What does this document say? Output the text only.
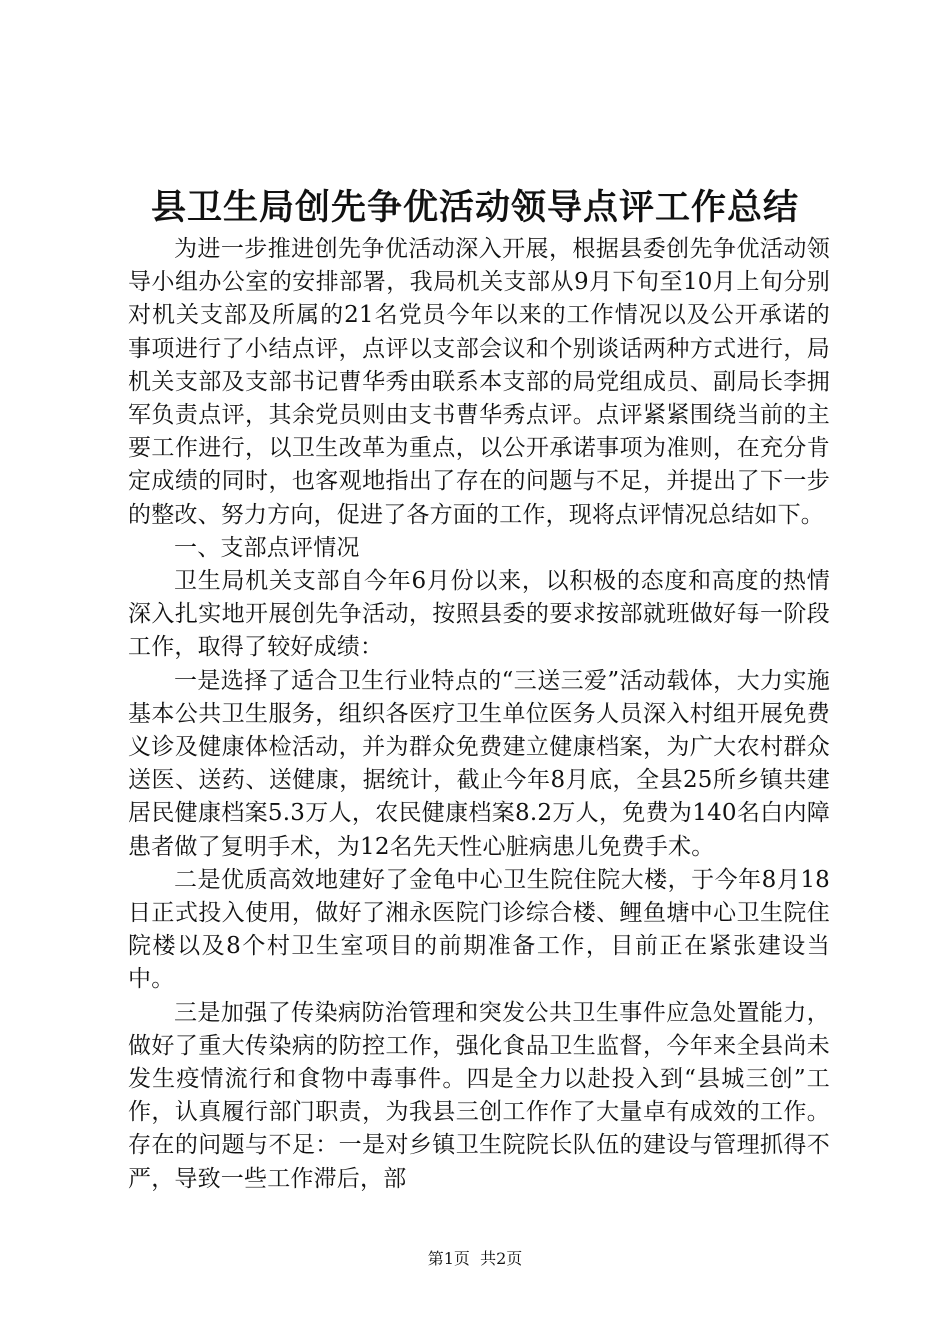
县卫生局创先争优活动领导点评工作总结

为进一步推进创先争优活动深入开展，根据县委创先争优活动领导小组办公室的安排部署，我局机关支部从9月下旬至10月上旬分别对机关支部及所属的21名党员今年以来的工作情况以及公开承诺的事项进行了小结点评，点评以支部会议和个别谈话两种方式进行，局机关支部及支部书记曹华秀由联系本支部的局党组成员、副局长李拥军负责点评，其余党员则由支书曹华秀点评。点评紧紧围绕当前的主要工作进行，以卫生改革为重点，以公开承诺事项为准则，在充分肯定成绩的同时，也客观地指出了存在的问题与不足，并提出了下一步的整改、努力方向，促进了各方面的工作，现将点评情况总结如下。

一、支部点评情况

卫生局机关支部自今年6月份以来，以积极的态度和高度的热情深入扎实地开展创先争活动，按照县委的要求按部就班做好每一阶段工作，取得了较好成绩：

一是选择了适合卫生行业特点的“三送三爱”活动载体，大力实施基本公共卫生服务，组织各医疗卫生单位医务人员深入村组开展免费义诊及健康体检活动，并为群众免费建立健康档案，为广大农村群众送医、送药、送健康，据统计，截止今年8月底，全县25所乡镇共建居民健康档案5.3万人，农民健康档案8.2万人，免费为140名白内障患者做了复明手术，为12名先天性心脏病患儿免费手术。

二是优质高效地建好了金龟中心卫生院住院大楼，于今年8月18日正式投入使用，做好了湘永医院门诊综合楼、鲤鱼塘中心卫生院住院楼以及8个村卫生室项目的前期准备工作，目前正在紧张建设当中。

三是加强了传染病防治管理和突发公共卫生事件应急处置能力，做好了重大传染病的防控工作，强化食品卫生监督，今年来全县尚未发生疫情流行和食物中毒事件。四是全力以赴投入到“县城三创”工作，认真履行部门职责，为我县三创工作作了大量卓有成效的工作。存在的问题与不足：一是对乡镇卫生院院长队伍的建设与管理抓得不严，导致一些工作滞后，部

第1页 共2页
